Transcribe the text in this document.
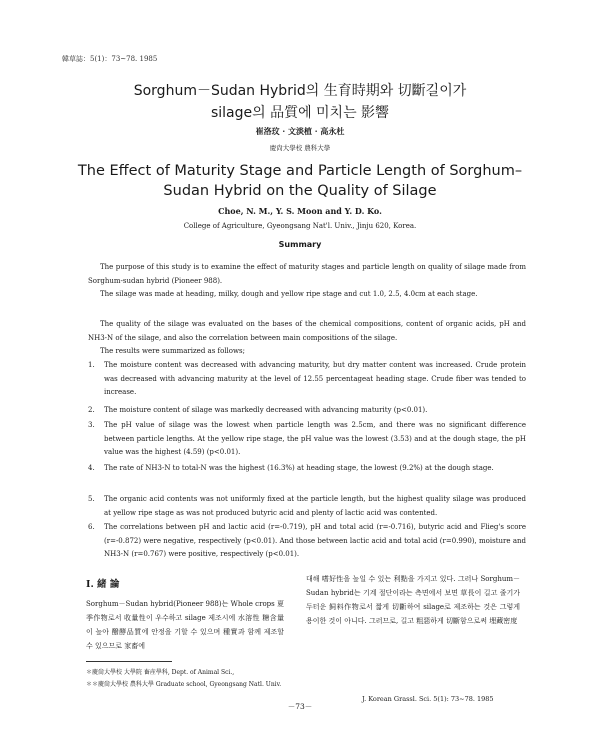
韓草誌：5(1)：73~78. 1985
Sorghum－Sudan Hybrid의 生育時期와 切斷길이가
silage의 品質에 미치는 影響
崔洛玟 · 文淡植 · 高永杜
慶尙大學校 農科大學
The Effect of Maturity Stage and Particle Length of Sorghum–
Sudan Hybrid on the Quality of Silage
Choe, N. M., Y. S. Moon and Y. D. Ko.
College of Agriculture, Gyeongsang Nat'l. Univ., Jinju 620, Korea.
Summary
The purpose of this study is to examine the effect of maturity stages and particle length on quality of silage made from Sorghum-sudan hybrid (Pioneer 988).
The silage was made at heading, milky, dough and yellow ripe stage and cut 1.0, 2.5, 4.0cm at each stage.
The quality of the silage was evaluated on the bases of the chemical compositions, content of organic acids, pH and NH3-N of the silage, and also the correlation between main compositions of the silage.
The results were summarized as follows;
1. The moisture content was decreased with advancing maturity, but dry matter content was increased. Crude protein was decreased with advancing maturity at the level of 12.55 percentageat heading stage. Crude fiber was tended to increase.
2. The moisture content of silage was markedly decreased with advancing maturity (p<0.01).
3. The pH value of silage was the lowest when particle length was 2.5cm, and there was no significant difference between particle lengths. At the yellow ripe stage, the pH value was the lowest (3.53) and at the dough stage, the pH value was the highest (4.59) (p<0.01).
4. The rate of NH3-N to total-N was the highest (16.3%) at heading stage, the lowest (9.2%) at the dough stage.
5. The organic acid contents was not uniformly fixed at the particle length, but the highest quality silage was produced at yellow ripe stage as was not produced butyric acid and plenty of lactic acid was contented.
6. The correlations between pH and lactic acid (r=-0.719), pH and total acid (r=-0.716), butyric acid and Flieg's score (r=-0.872) were negative, respectively (p<0.01). And those between lactic acid and total acid (r=0.990), moisture and NH3-N (r=0.767) were positive, respectively (p<0.01).
Ⅰ. 緒 論
Sorghum－Sudan hybrid(Pioneer 988)는 Whole crops 夏季作物로서 收量性이 우수하고 silage 제조시에 水溶性 糖含量이 높아 醱酵品質에 안정을 기할 수 있으며 種實과 함께 제조할 수 있으므로 家畜에
대해 嗜好性을 높일 수 있는 利點을 가지고 있다. 그러나 Sorghum－Sudan hybrid는 기계 절단이라는 측면에서 보면 草長이 길고 줄기가 두터운 飼料作物로서 짧게 切斷하여 silage로 제조하는 것은 그렇게 용이한 것이 아니다. 그러므로, 길고 粗惡하게 切斷함으로써 埋藏密度
＊慶尙大學校 大學院 畜産學科, Dept. of Animal Sci.,
＊＊慶尙大學校 農科大學 Graduate school, Gyeongsang Natl. Univ.
－73－
J. Korean Grassl. Sci. 5(1): 73~78. 1985
